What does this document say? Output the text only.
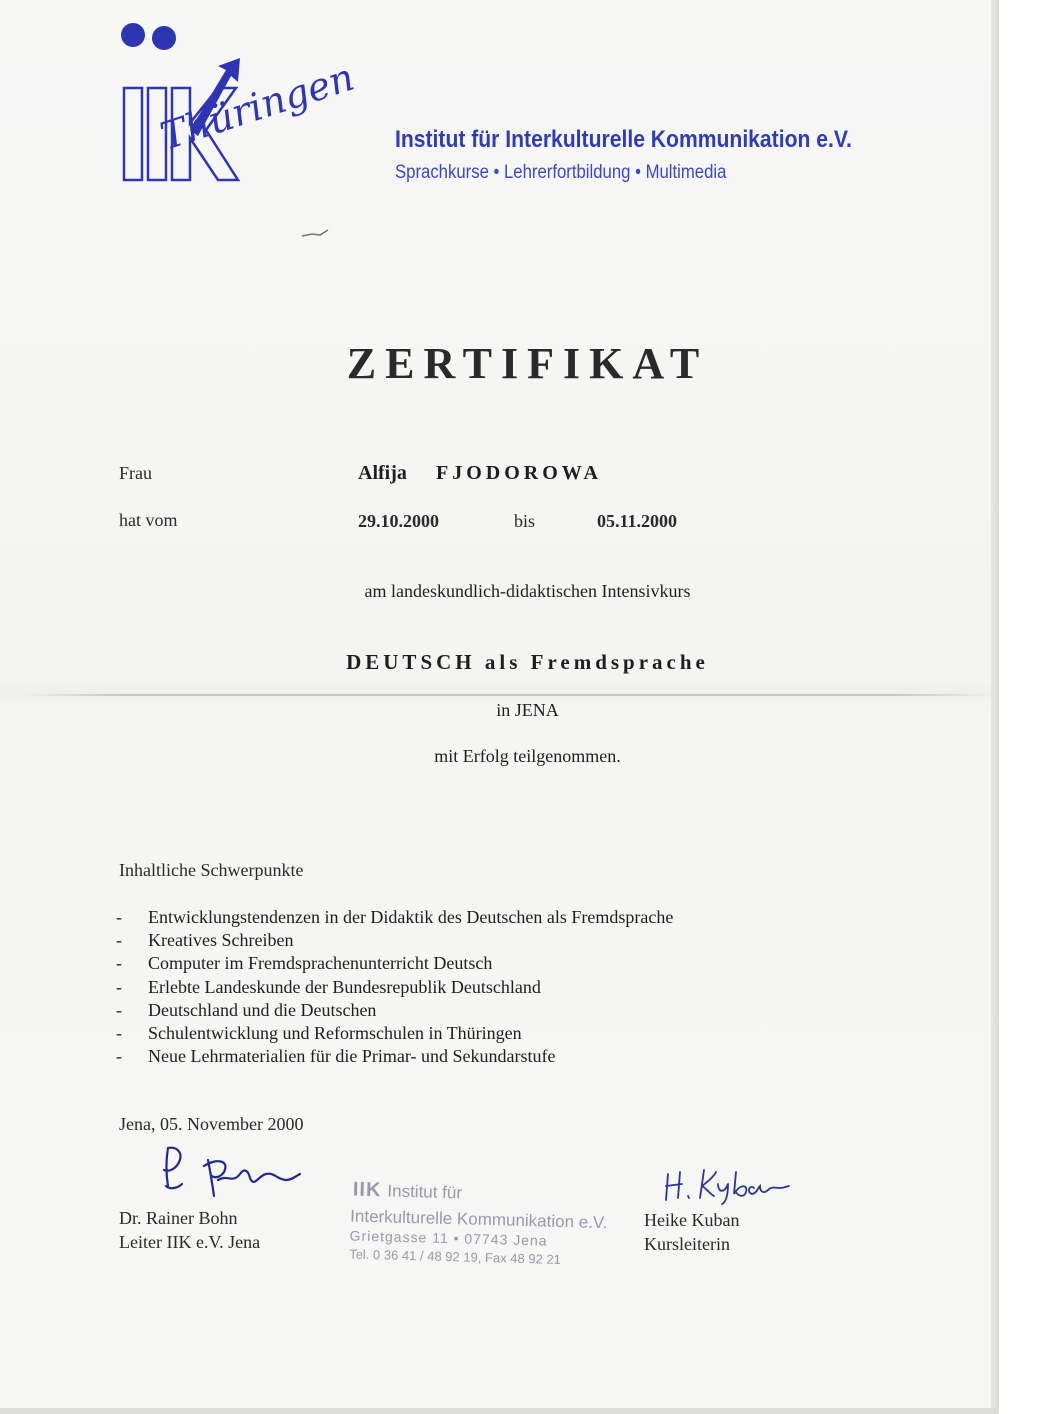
Thüringen Institut für Interkulturelle Kommunikation e.V.
Sprachkurse • Lehrerfortbildung • Multimedia
ZERTIFIKAT
Frau	Alfija FJODOROWA
hat vom	29.10.2000	bis	05.11.2000
am landeskundlich-didaktischen Intensivkurs
DEUTSCH als Fremdsprache
in JENA
mit Erfolg teilgenommen.
Inhaltliche Schwerpunkte
- Entwicklungstendenzen in der Didaktik des Deutschen als Fremdsprache
- Kreatives Schreiben
- Computer im Fremdsprachenunterricht Deutsch
- Erlebte Landeskunde der Bundesrepublik Deutschland
- Deutschland und die Deutschen
- Schulentwicklung und Reformschulen in Thüringen
- Neue Lehrmaterialien für die Primar- und Sekundarstufe
Jena, 05. November 2000
Dr. Rainer Bohn
Leiter IIK e.V. Jena
IIK Institut für
Interkulturelle Kommunikation e.V.
Grietgasse 11 • 07743 Jena
Tel. 0 36 41 / 48 92 19, Fax 48 92 21
Heike Kuban
Kursleiterin
